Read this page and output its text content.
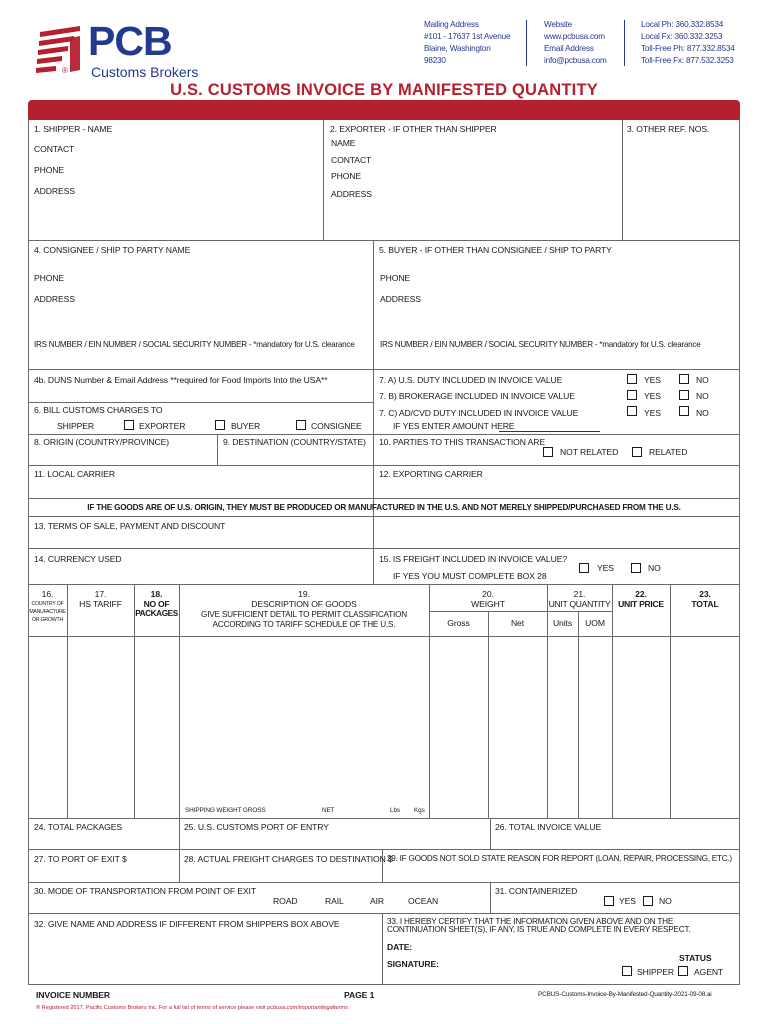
PCB
Customs Brokers
®
Mailing Address
#101 - 17637 1st Avenue
Blaine, Washington
98230
Website
www.pcbusa.com
Email Address
info@pcbusa.com
Local Ph: 360.332.8534
Local Fx: 360.332.3253
Toll-Free Ph: 877.332.8534
Toll-Free Fx: 877.532.3253
U.S. CUSTOMS INVOICE BY MANIFESTED QUANTITY
1. SHIPPER - NAME
CONTACT
PHONE
ADDRESS
2. EXPORTER - IF OTHER THAN SHIPPER
NAME
CONTACT
PHONE
ADDRESS
3. OTHER REF. NOS.
4. CONSIGNEE / SHIP TO PARTY NAME
PHONE
ADDRESS
IRS NUMBER / EIN NUMBER / SOCIAL SECURITY NUMBER - *mandatory for U.S. clearance
5. BUYER - IF OTHER THAN CONSIGNEE / SHIP TO PARTY
PHONE
ADDRESS
IRS NUMBER / EIN NUMBER / SOCIAL SECURITY NUMBER - *mandatory for U.S. clearance
4b. DUNS Number & Email Address **required for Food Imports Into the USA**
6. BILL CUSTOMS CHARGES TO
SHIPPER	EXPORTER	BUYER	CONSIGNEE
7. A) U.S. DUTY INCLUDED IN INVOICE VALUE	YES	NO
7. B) BROKERAGE INCLUDED IN INVOICE VALUE	YES	NO
7. C) AD/CVD DUTY INCLUDED IN INVOICE VALUE	YES	NO
IF YES ENTER AMOUNT HERE
8. ORIGIN (COUNTRY/PROVINCE)	9. DESTINATION (COUNTRY/STATE) 10. PARTIES TO THIS TRANSACTION ARE
NOT RELATED	RELATED
11. LOCAL CARRIER	12. EXPORTING CARRIER
IF THE GOODS ARE OF U.S. ORIGIN, THEY MUST BE PRODUCED OR MANUFACTURED IN THE U.S. AND NOT MERELY SHIPPED/PURCHASED FROM THE U.S.
13. TERMS OF SALE, PAYMENT AND DISCOUNT
14. CURRENCY USED	15. IS FREIGHT INCLUDED IN INVOICE VALUE?
IF YES YOU MUST COMPLETE BOX 28
YES	NO
16.
COUNTRY OF
MANUFACTURE
OR GROWTH
17.
HS TARIFF
18.
NO OF
PACKAGES
19.
DESCRIPTION OF GOODS
GIVE SUFFICIENT DETAIL TO PERMIT CLASSIFICATION
ACCORDING TO TARIFF SCHEDULE OF THE U.S.
20.
WEIGHT
Gross	Net
21.
UNIT QUANTITY
Units	UOM
22.
UNIT PRICE
23.
TOTAL
SHIPPING WEIGHT GROSS	NET	Lbs Kgs
24. TOTAL PACKAGES	25. U.S. CUSTOMS PORT OF ENTRY	26. TOTAL INVOICE VALUE
27. TO PORT OF EXIT $	28. ACTUAL FREIGHT CHARGES TO DESTINATION $
29. IF GOODS NOT SOLD STATE REASON FOR REPORT (LOAN, REPAIR, PROCESSING, ETC.)
30. MODE OF TRANSPORTATION FROM POINT OF EXIT
ROAD	RAIL	AIR	OCEAN
31. CONTAINERIZED
YES	NO
32. GIVE NAME AND ADDRESS IF DIFFERENT FROM SHIPPERS BOX ABOVE	33. I HEREBY CERTIFY THAT THE INFORMATION GIVEN ABOVE AND ON THE
CONTINUATION SHEET(S), IF ANY, IS TRUE AND COMPLETE IN EVERY RESPECT.
DATE:
SIGNATURE:
STATUS
SHIPPER AGENT
INVOICE NUMBER	PAGE 1	PCBUS-Customs-Invoice-By-Manifested-Quantity-2021-09-08.ai
® Registered 2017. Pacific Customs Brokers Inc. For a full list of terms of service please visit pcbusa.com/importantlegalterms
